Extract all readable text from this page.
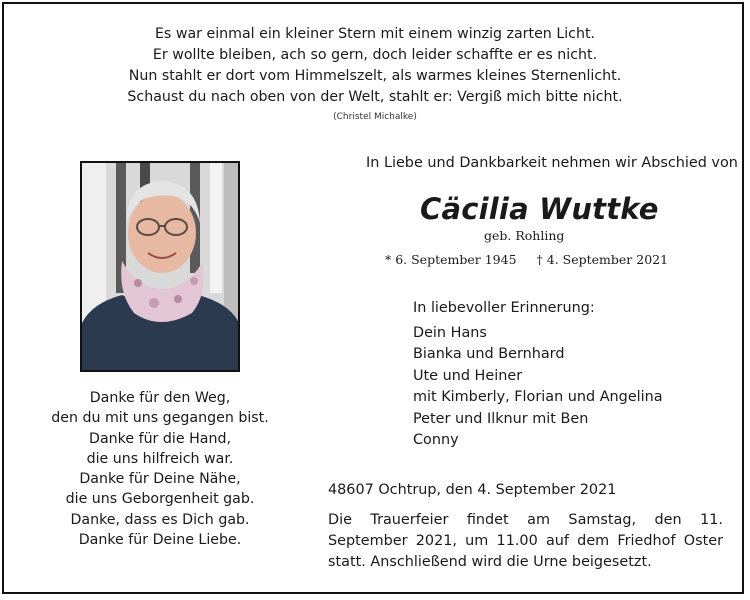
Es war einmal ein kleiner Stern mit einem winzig zarten Licht.
Er wollte bleiben, ach so gern, doch leider schaffte er es nicht.
Nun stahlt er dort vom Himmelszelt, als warmes kleines Sternenlicht.
Schaust du nach oben von der Welt, stahlt er: Vergiß mich bitte nicht.
(Christel Michalke)
In Liebe und Dankbarkeit nehmen wir Abschied von
Cäcilia Wuttke
geb. Rohling
* 6. September 1945 † 4. September 2021
In liebevoller Erinnerung:
Dein Hans
Bianka und Bernhard
Ute und Heiner
mit Kimberly, Florian und Angelina
Peter und Ilknur mit Ben
Conny
Danke für den Weg,
den du mit uns gegangen bist.
Danke für die Hand,
die uns hilfreich war.
Danke für Deine Nähe,
die uns Geborgenheit gab.
Danke, dass es Dich gab.
Danke für Deine Liebe.
48607 Ochtrup, den 4. September 2021
Die Trauerfeier findet am Samstag, den 11. September 2021, um 11.00 auf dem Friedhof Oster statt. Anschließend wird die Urne beigesetzt.
